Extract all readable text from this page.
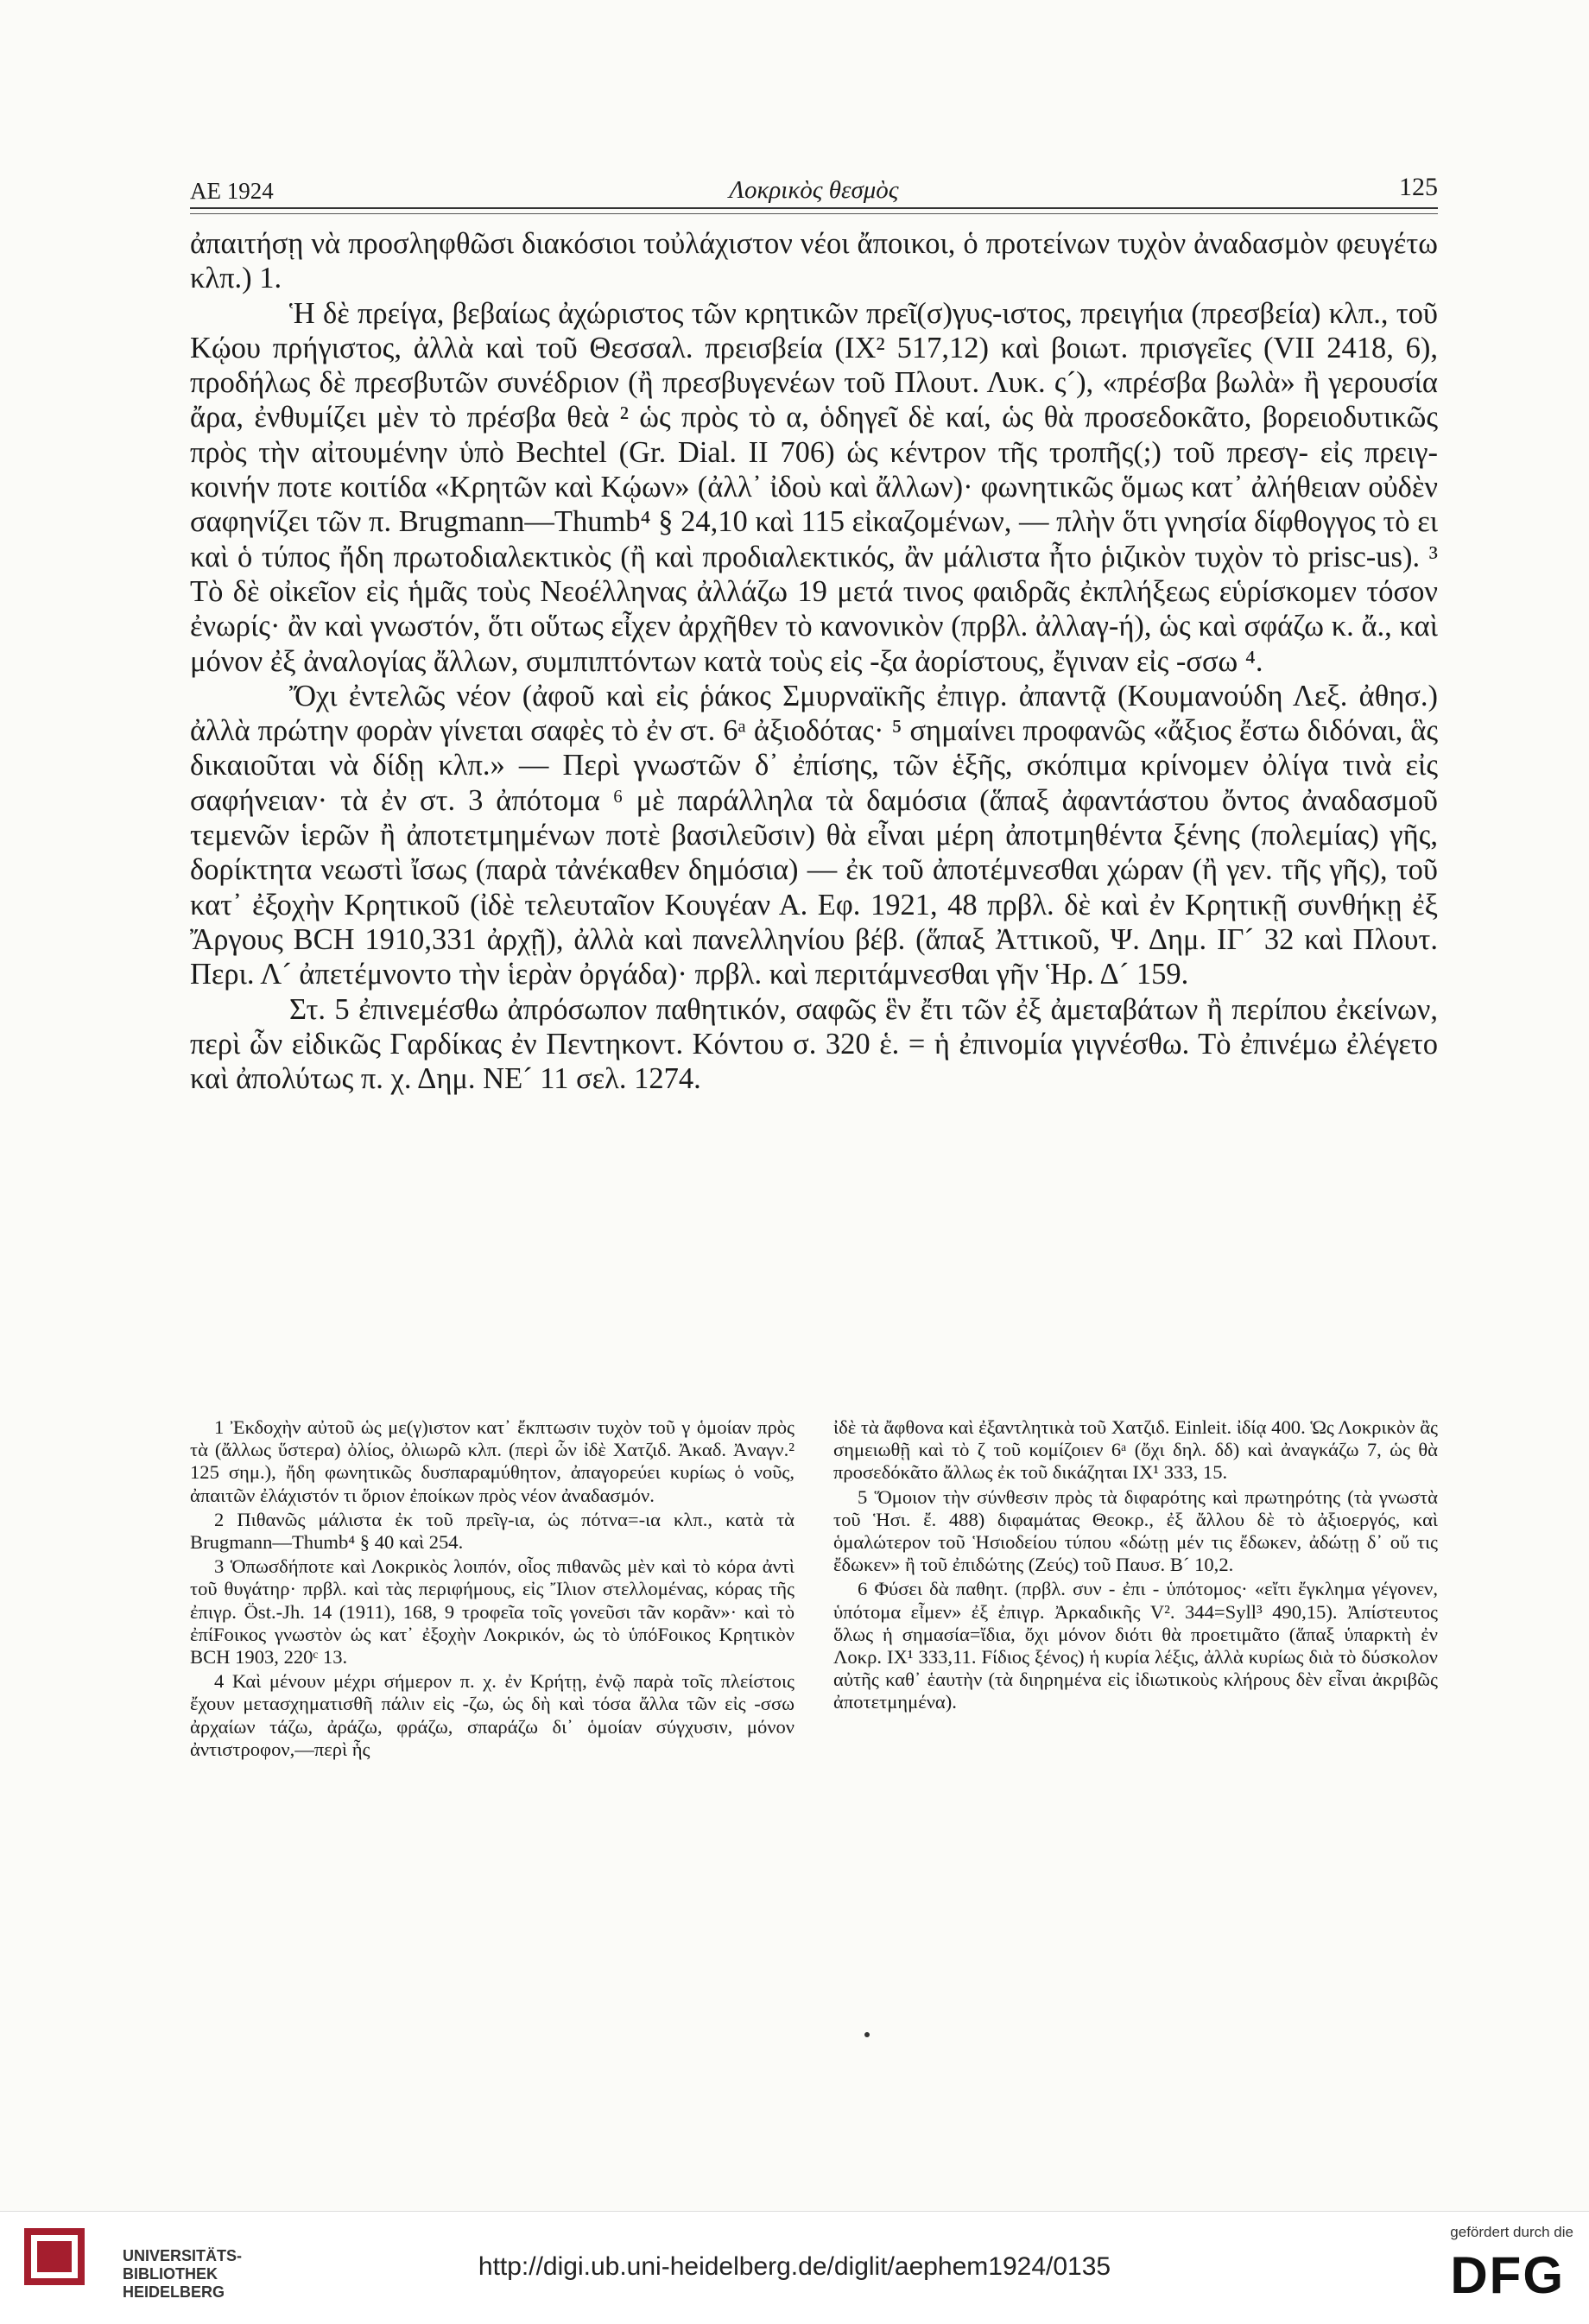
ΑΕ 1924	Λοκρικὸς θεσμὸς	125

ἀπαιτήσῃ νὰ προσληφθῶσι διακόσιοι τοὐλάχιστον νέοι ἄποικοι, ὁ προτείνων τυχὸν ἀναδασμὸν φευγέτω κλπ.) 1.

Ἡ δὲ πρείγα, βεβαίως ἀχώριστος τῶν κρητικῶν πρεῖ(σ)γυς-ιστος, πρειγήια (πρεσβεία) κλπ., τοῦ Κῴου πρήγιστος, ἀλλὰ καὶ τοῦ Θεσσαλ. πρεισβεία (IX² 517,12) καὶ βοιωτ. πρισγεῖες (VII 2418, 6), προδήλως δὲ πρεσβυτῶν συνέδριον (ἢ πρεσβυγενέων τοῦ Πλουτ. Λυκ. ς´), «πρέσβα βωλὰ» ἢ γερουσία ἄρα, ἐνθυμίζει μὲν τὸ πρέσβα θεὰ ² ὡς πρὸς τὸ α, ὁδηγεῖ δὲ καί, ὡς θὰ προσεδοκᾶτο, βορειοδυτικῶς πρὸς τὴν αἰτουμένην ὑπὸ Bechtel (Gr. Dial. II 706) ὡς κέντρον τῆς τροπῆς(;) τοῦ πρεσγ- εἰς πρειγ- κοινήν ποτε κοιτίδα «Κρητῶν καὶ Κῴων» (ἀλλ᾽ ἰδοὺ καὶ ἄλλων)· φωνητικῶς ὅμως κατ᾽ ἀλήθειαν οὐδὲν σαφηνίζει τῶν π. Brugmann—Thumb⁴ § 24,10 καὶ 115 εἰκαζομένων, — πλὴν ὅτι γνησία δίφθογγος τὸ ει καὶ ὁ τύπος ἤδη πρωτοδιαλεκτικὸς (ἢ καὶ προδιαλεκτικός, ἂν μάλιστα ἦτο ῥιζικὸν τυχὸν τὸ prisc-us). ³ Τὸ δὲ οἰκεῖον εἰς ἡμᾶς τοὺς Νεοέλληνας ἀλλάζω 19 μετά τινος φαιδρᾶς ἐκπλήξεως εὑρίσκομεν τόσον ἐνωρίς· ἂν καὶ γνωστόν, ὅτι οὕτως εἶχεν ἀρχῆθεν τὸ κανονικὸν (πρβλ. ἀλλαγ-ή), ὡς καὶ σφάζω κ. ἄ., καὶ μόνον ἐξ ἀναλογίας ἄλλων, συμπιπτόντων κατὰ τοὺς εἰς -ξα ἀορίστους, ἔγιναν εἰς -σσω ⁴.

Ὄχι ἐντελῶς νέον (ἀφοῦ καὶ εἰς ῥάκος Σμυρναϊκῆς ἐπιγρ. ἀπαντᾷ (Κουμανούδη Λεξ. ἀθησ.) ἀλλὰ πρώτην φορὰν γίνεται σαφὲς τὸ ἐν στ. 6ᵃ ἀξιοδότας· ⁵ σημαίνει προφανῶς «ἄξιος ἔστω διδόναι, ἃς δικαιοῦται νὰ δίδῃ κλπ.» — Περὶ γνωστῶν δ᾽ ἐπίσης, τῶν ἑξῆς, σκόπιμα κρίνομεν ὀλίγα τινὰ εἰς σαφήνειαν· τὰ ἐν στ. 3 ἀπότομα ⁶ μὲ παράλληλα τὰ δαμόσια (ἅπαξ ἀφαντάστου ὄντος ἀναδασμοῦ τεμενῶν ἱερῶν ἢ ἀποτετμημένων ποτὲ βασιλεῦσιν) θὰ εἶναι μέρη ἀποτμηθέντα ξένης (πολεμίας) γῆς, δορίκτητα νεωστὶ ἴσως (παρὰ τἀνέκαθεν δημόσια) — ἐκ τοῦ ἀποτέμνεσθαι χώραν (ἢ γεν. τῆς γῆς), τοῦ κατ᾽ ἐξοχὴν Κρητικοῦ (ἰδὲ τελευταῖον Κουγέαν Α. Εφ. 1921, 48 πρβλ. δὲ καὶ ἐν Κρητικῇ συνθήκῃ ἐξ Ἄργους BCH 1910,331 ἀρχῇ), ἀλλὰ καὶ πανελληνίου βέβ. (ἅπαξ Ἀττικοῦ, Ψ. Δημ. ΙΓ´ 32 καὶ Πλουτ. Περι. Λ´ ἀπετέμνοντο τὴν ἱερὰν ὀργάδα)· πρβλ. καὶ περιτάμνεσθαι γῆν Ἡρ. Δ´ 159.

Στ. 5 ἐπινεμέσθω ἀπρόσωπον παθητικόν, σαφῶς ἓν ἔτι τῶν ἐξ ἀμεταβάτων ἢ περίπου ἐκείνων, περὶ ὧν εἰδικῶς Γαρδίκας ἐν Πεντηκοντ. Κόντου σ. 320 ἑ. = ἡ ἐπινομία γιγνέσθω. Τὸ ἐπινέμω ἐλέγετο καὶ ἀπολύτως π. χ. Δημ. ΝΕ´ 11 σελ. 1274.

1 Ἐκδοχὴν αὐτοῦ ὡς με(γ)ιστον κατ᾽ ἔκπτωσιν τυχὸν τοῦ γ ὁμοίαν πρὸς τὰ (ἄλλως ὕστερα) ὀλίος, ὀλιωρῶ κλπ. (περὶ ὧν ἰδὲ Χατζιδ. Ἀκαδ. Ἀναγν.² 125 σημ.), ἤδη φωνητικῶς δυσπαραμύθητον, ἀπαγορεύει κυρίως ὁ νοῦς, ἀπαιτῶν ἐλάχιστόν τι ὅριον ἐποίκων πρὸς νέον ἀναδασμόν.

2 Πιθανῶς μάλιστα ἐκ τοῦ πρεῖγ-ια, ὡς πότνα=-ια κλπ., κατὰ τὰ Brugmann—Thumb⁴ § 40 καὶ 254.

3 Ὁπωσδήποτε καὶ Λοκρικὸς λοιπόν, οἷος πιθανῶς μὲν καὶ τὸ κόρα ἀντὶ τοῦ θυγάτηρ· πρβλ. καὶ τὰς περιφήμους, εἰς Ἴλιον στελλομένας, κόρας τῆς ἐπιγρ. Öst.-Jh. 14 (1911), 168, 9 τροφεῖα τοῖς γονεῦσι τᾶν κορᾶν»· καὶ τὸ ἐπίFοικος γνωστὸν ὡς κατ᾽ ἐξοχὴν Λοκρικόν, ὡς τὸ ὑπόFοικος Κρητικὸν BCH 1903, 220ᶜ 13.

4 Καὶ μένουν μέχρι σήμερον π. χ. ἐν Κρήτῃ, ἐνῷ παρὰ τοῖς πλείστοις ἔχουν μετασχηματισθῆ πάλιν εἰς -ζω, ὡς δὴ καὶ τόσα ἄλλα τῶν εἰς -σσω ἀρχαίων τάζω, ἀράζω, φράζω, σπαράζω δι᾽ ὁμοίαν σύγχυσιν, μόνον ἀντιστροφον,—περὶ ἧς

ἰδὲ τὰ ἄφθονα καὶ ἐξαντλητικὰ τοῦ Χατζιδ. Einleit. ἰδίᾳ 400. Ὡς Λοκρικὸν ἂς σημειωθῇ καὶ τὸ ζ τοῦ κομίζοιεν 6ᵃ (ὄχι δηλ. δδ) καὶ ἀναγκάζω 7, ὡς θὰ προσεδόκᾶτο ἄλλως ἐκ τοῦ δικάζηται IX¹ 333, 15.

5 Ὅμοιον τὴν σύνθεσιν πρὸς τὰ διφαρότης καὶ πρωτηρότης (τὰ γνωστὰ τοῦ Ἡσι. ἔ. 488) διφαμάτας Θεοκρ., ἐξ ἄλλου δὲ τὸ ἀξιοεργός, καὶ ὁμαλώτερον τοῦ Ἡσιοδείου τύπου «δώτῃ μέν τις ἔδωκεν, ἀδώτῃ δ᾽ οὔ τις ἔδωκεν» ἢ τοῦ ἐπιδώτης (Ζεύς) τοῦ Παυσ. Β´ 10,2.

6 Φύσει δὰ παθητ. (πρβλ. συν - ἐπι - ὑπότομος· «εἴτι ἔγκλημα γέγονεν, ὑπότομα εἶμεν» ἐξ ἐπιγρ. Ἀρκαδικῆς V². 344=Syll³ 490,15). Ἀπίστευτος ὅλως ἡ σημασία=ἴδια, ὄχι μόνον διότι θὰ προετιμᾶτο (ἅπαξ ὑπαρκτὴ ἐν Λοκρ. IX¹ 333,11. Fίδιος ξένος) ἡ κυρία λέξις, ἀλλὰ κυρίως διὰ τὸ δύσκολον αὐτῆς καθ᾽ ἑαυτὴν (τὰ διηρημένα εἰς ἰδιωτικοὺς κλήρους δὲν εἶναι ἀκριβῶς ἀποτετμημένα).

UNIVERSITÄTS-
BIBLIOTHEK
HEIDELBERG
http://digi.ub.uni-heidelberg.de/diglit/aephem1924/0135
gefördert durch die
DFG
